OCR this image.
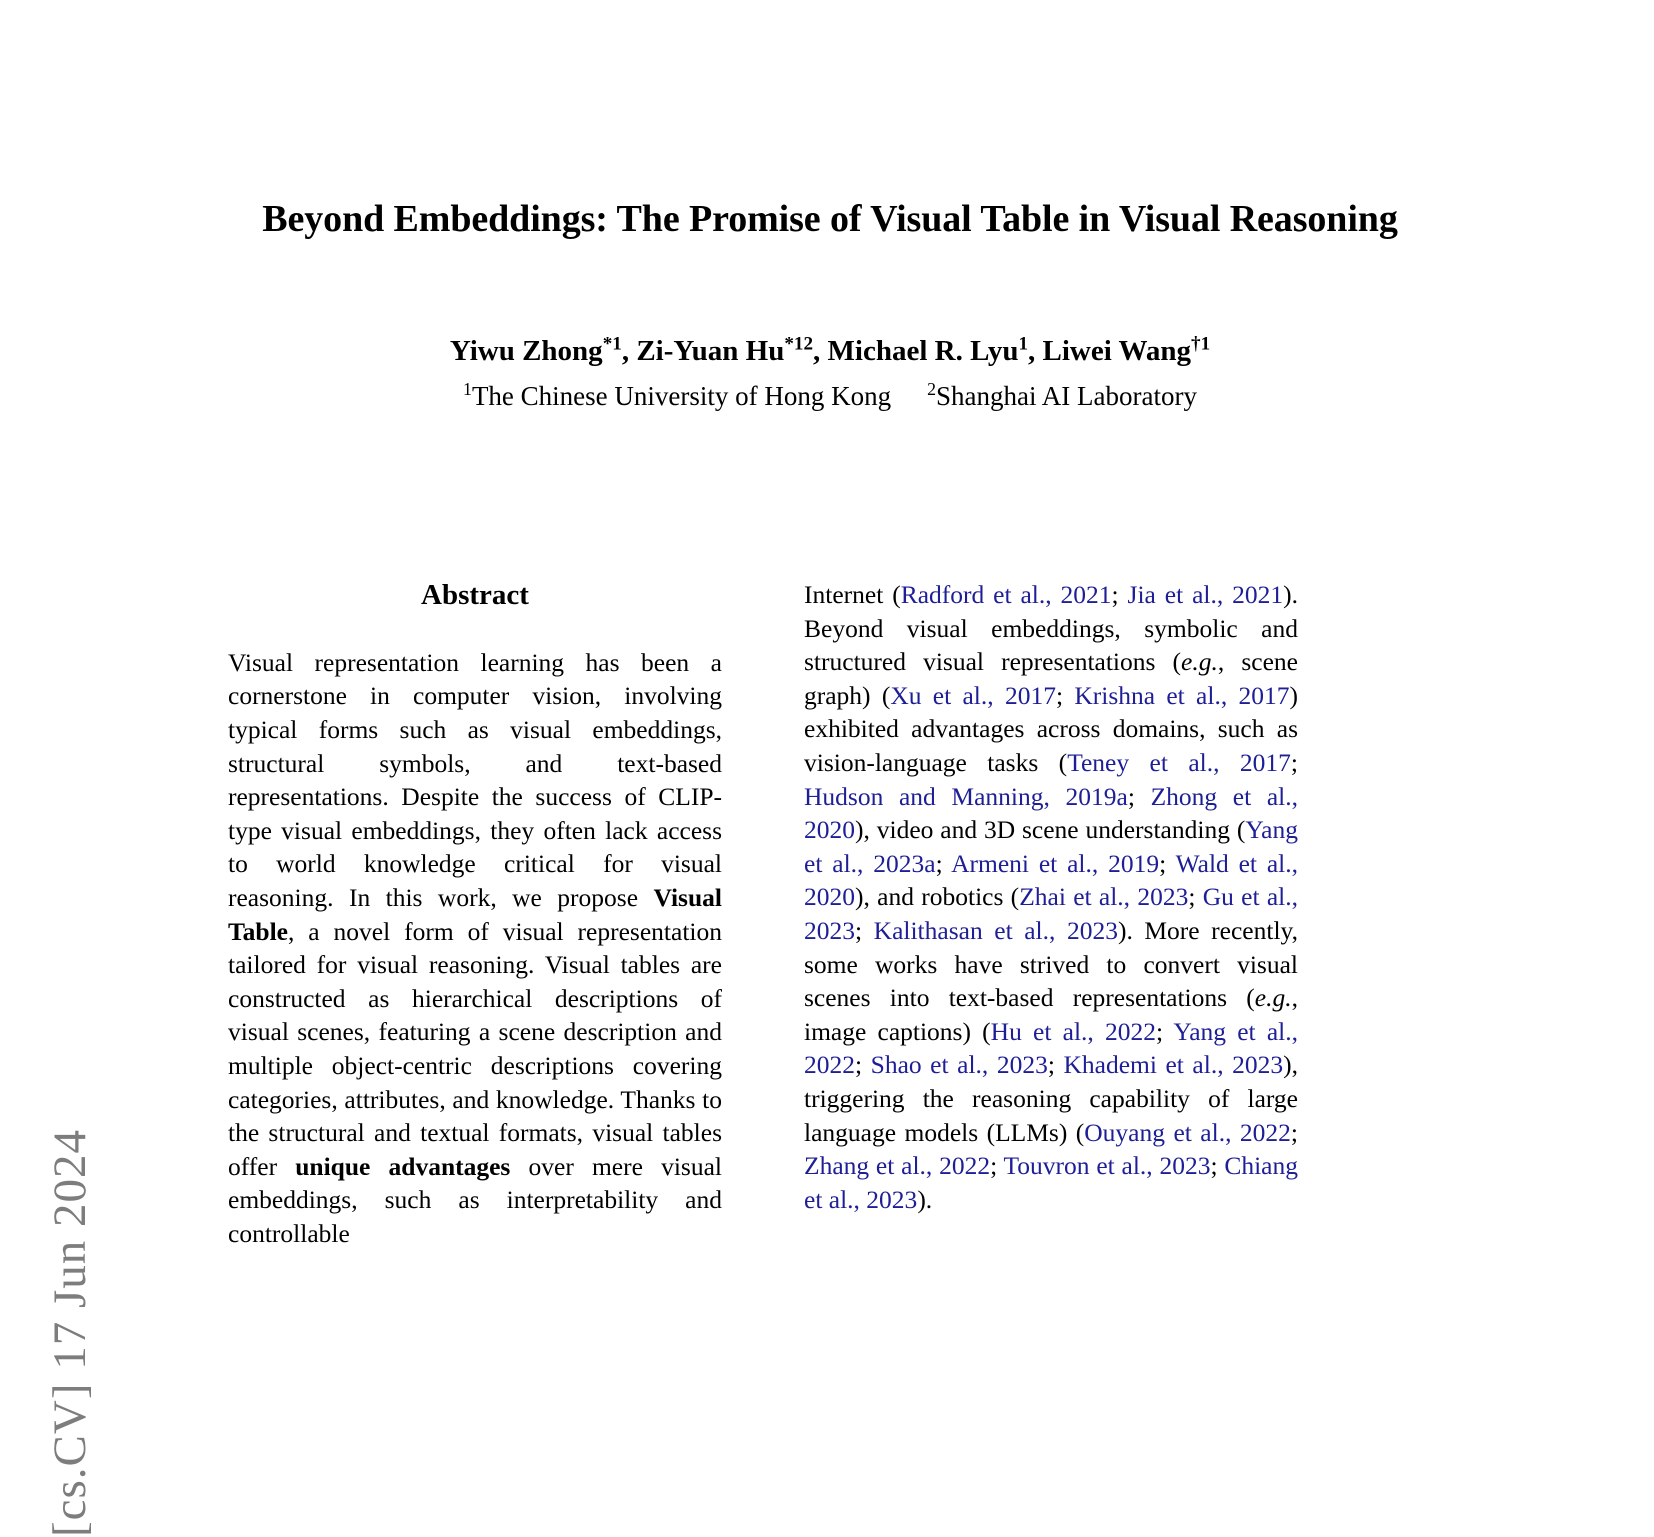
[cs.CV] 17 Jun 2024
Beyond Embeddings: The Promise of Visual Table in Visual Reasoning
Yiwu Zhong$^{*1}$, Zi-Yuan Hu$^{*12}$, Michael R. Lyu$^1$, Liwei Wang$^{\dagger 1}$
$^1$The Chinese University of Hong Kong $^2$Shanghai AI Laboratory
Abstract

Visual representation learning has been a cornerstone in computer vision, involving typical forms such as visual embeddings, structural symbols, and text-based representations. Despite the success of CLIP-type visual embeddings, they often lack access to world knowledge critical for visual reasoning. In this work, we propose Visual Table, a novel form of visual representation tailored for visual reasoning. Visual tables are constructed as hierarchical descriptions of visual scenes, featuring a scene description and multiple object-centric descriptions covering categories, attributes, and knowledge. Thanks to the structural and textual formats, visual tables offer unique advantages over mere visual embeddings, such as interpretability and controllable

Internet (Radford et al., 2021; Jia et al., 2021). Beyond visual embeddings, symbolic and structured visual representations (e.g., scene graph) (Xu et al., 2017; Krishna et al., 2017) exhibited advantages across domains, such as vision-language tasks (Teney et al., 2017; Hudson and Manning, 2019a; Zhong et al., 2020), video and 3D scene understanding (Yang et al., 2023a; Armeni et al., 2019; Wald et al., 2020), and robotics (Zhai et al., 2023; Gu et al., 2023; Kalithasan et al., 2023). More recently, some works have strived to convert visual scenes into text-based representations (e.g., image captions) (Hu et al., 2022; Yang et al., 2022; Shao et al., 2023; Khademi et al., 2023), triggering the reasoning capability of large language models (LLMs) (Ouyang et al., 2022; Zhang et al., 2022; Touvron et al., 2023; Chiang et al., 2023).
